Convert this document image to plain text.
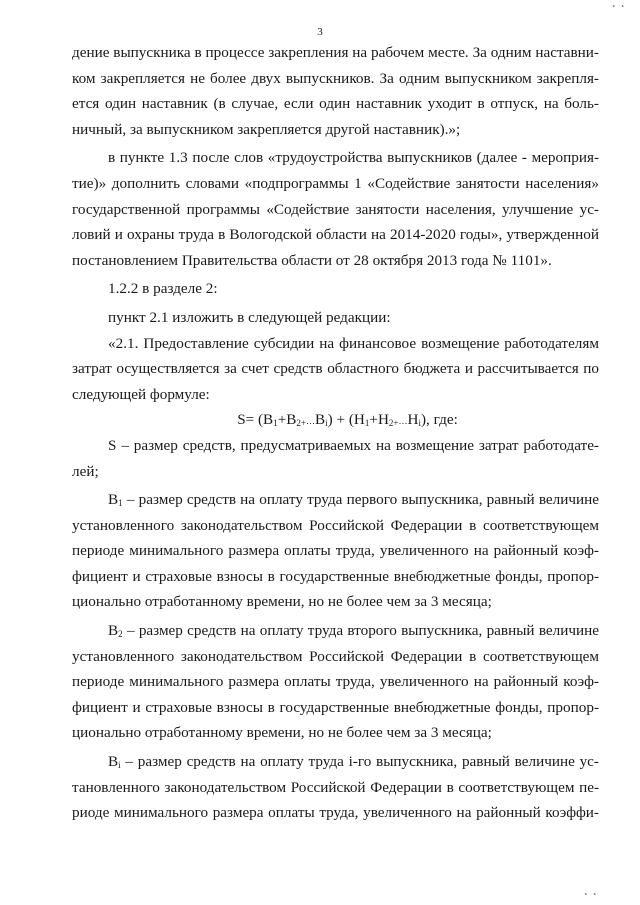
• •
3
дение выпускника в процессе закрепления на рабочем месте. За одним наставни-
ком закрепляется не более двух выпускников. За одним выпускником закрепля-
ется один наставник (в случае, если один наставник уходит в отпуск, на боль-
ничный, за выпускником закрепляется другой наставник).»;
в пункте 1.3 после слов «трудоустройства выпускников (далее - мероприя-
тие)» дополнить словами «подпрограммы 1 «Содействие занятости населения»
государственной программы «Содействие занятости населения, улучшение ус-
ловий и охраны труда в Вологодской области на 2014-2020 годы», утвержденной
постановлением Правительства области от 28 октября 2013 года № 1101».
1.2.2 в разделе 2:
пункт 2.1 изложить в следующей редакции:
«2.1. Предоставление субсидии на финансовое возмещение работодателям
затрат осуществляется за счет средств областного бюджета и рассчитывается по
следующей формуле:
$S= (B_1+B_{2+}\dots B_i)$ + $(H_1+H_{2+}\dots H_i)$, где:
S – размер средств, предусматриваемых на возмещение затрат работодате-
лей;
$B_1$ – размер средств на оплату труда первого выпускника, равный величине
установленного законодательством Российской Федерации в соответствующем
периоде минимального размера оплаты труда, увеличенного на районный коэф-
фициент и страховые взносы в государственные внебюджетные фонды, пропор-
ционально отработанному времени, но не более чем за 3 месяца;
$B_2$ – размер средств на оплату труда второго выпускника, равный величине
установленного законодательством Российской Федерации в соответствующем
периоде минимального размера оплаты труда, увеличенного на районный коэф-
фициент и страховые взносы в государственные внебюджетные фонды, пропор-
ционально отработанному времени, но не более чем за 3 месяца;
$B_i$ – размер средств на оплату труда i-го выпускника, равный величине ус-
тановленного законодательством Российской Федерации в соответствующем пе-
риоде минимального размера оплаты труда, увеличенного на районный коэффи-
• •
